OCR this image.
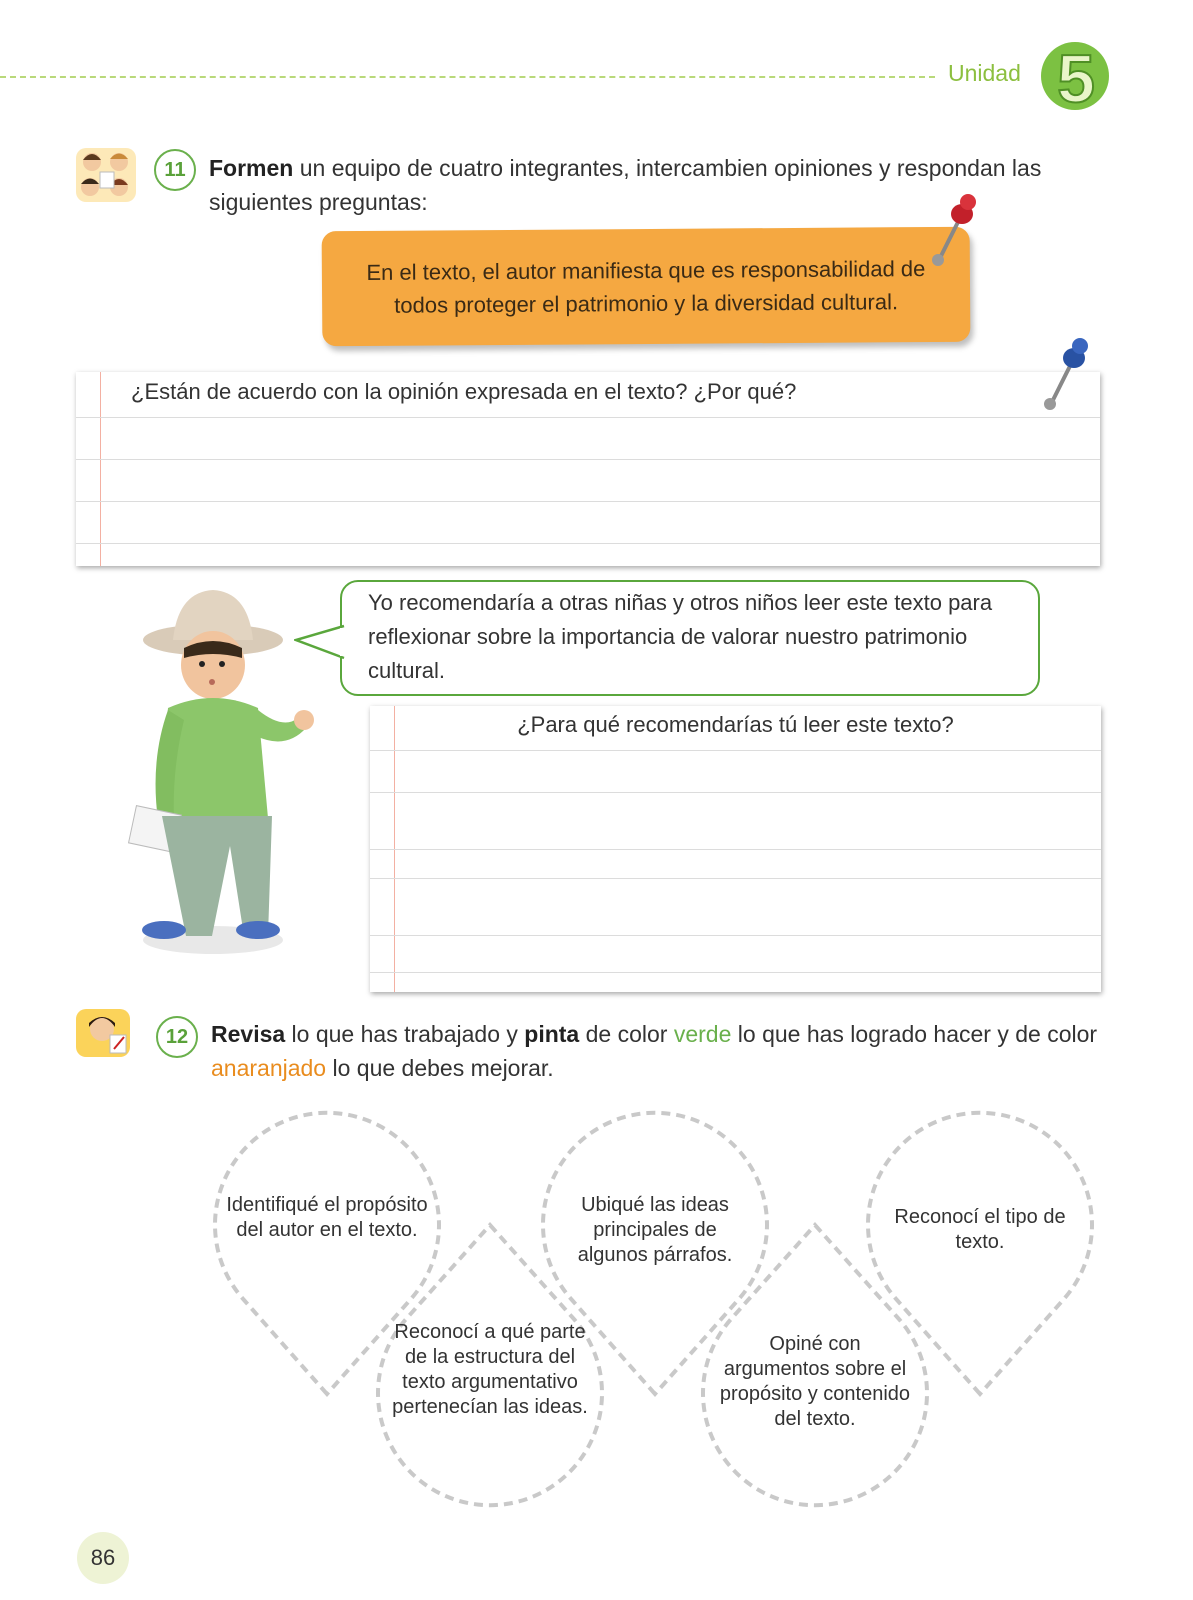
Unidad 5
11	Formen un equipo de cuatro integrantes, intercambien opiniones y respondan las siguientes preguntas:
En el texto, el autor manifiesta que es responsabilidad de todos proteger el patrimonio y la diversidad cultural.
¿Están de acuerdo con la opinión expresada en el texto? ¿Por qué?
Yo recomendaría a otras niñas y otros niños leer este texto para reflexionar sobre la importancia de valorar nuestro patrimonio cultural.
¿Para qué recomendarías tú leer este texto?
12 Revisa lo que has trabajado y pinta de color verde lo que has logrado hacer y de color anaranjado lo que debes mejorar.
Identifiqué el propósito del autor en el texto.
Reconocí a qué parte de la estructura del texto argumentativo pertenecían las ideas.
Ubiqué las ideas principales de algunos párrafos.
Opiné con argumentos sobre el propósito y contenido del texto.
Reconocí el tipo de texto.
86
